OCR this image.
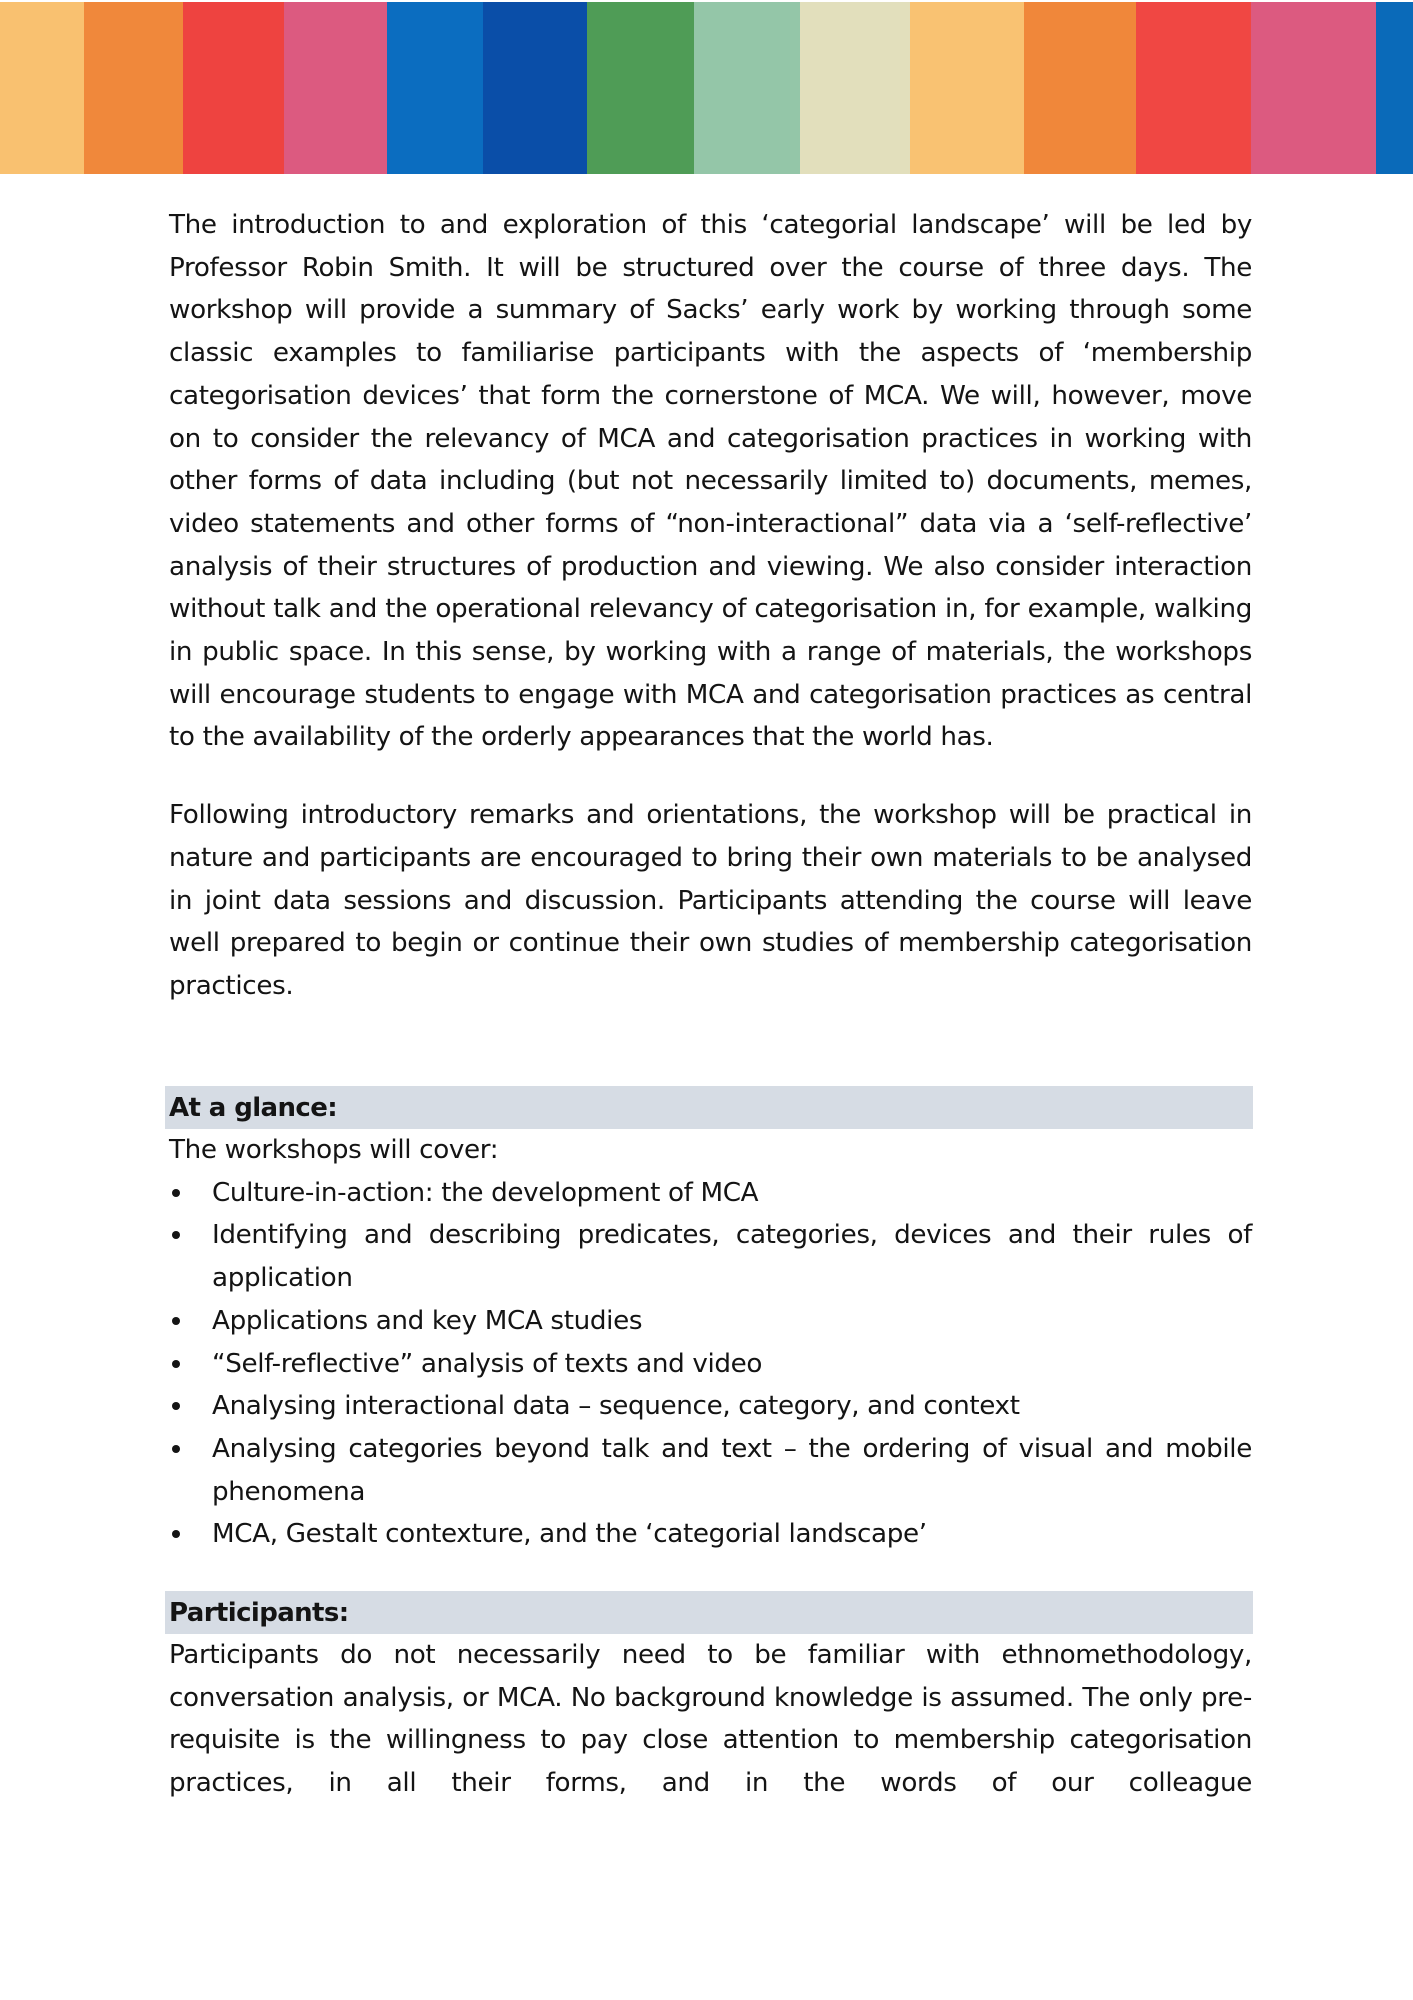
The introduction to and exploration of this ‘categorial landscape’ will be led by Professor Robin Smith. It will be structured over the course of three days. The workshop will provide a summary of Sacks’ early work by working through some classic examples to familiarise participants with the aspects of ‘membership categorisation devices’ that form the cornerstone of MCA. We will, however, move on to consider the relevancy of MCA and categorisation practices in working with other forms of data including (but not necessarily limited to) documents, memes, video statements and other forms of “non-interactional” data via a ‘self-reflective’ analysis of their structures of production and viewing. We also consider interaction without talk and the operational relevancy of categorisation in, for example, walking in public space. In this sense, by working with a range of materials, the workshops will encourage students to engage with MCA and categorisation practices as central to the availability of the orderly appearances that the world has.

Following introductory remarks and orientations, the workshop will be practical in nature and participants are encouraged to bring their own materials to be analysed in joint data sessions and discussion. Participants attending the course will leave well prepared to begin or continue their own studies of membership categorisation practices.

At a glance:
The workshops will cover:
Culture-in-action: the development of MCA
Identifying and describing predicates, categories, devices and their rules of application
Applications and key MCA studies
“Self-reflective” analysis of texts and video
Analysing interactional data – sequence, category, and context
Analysing categories beyond talk and text – the ordering of visual and mobile phenomena
MCA, Gestalt contexture, and the ‘categorial landscape’
Participants:

Participants do not necessarily need to be familiar with ethnomethodology, conversation analysis, or MCA. No background knowledge is assumed. The only pre-requisite is the willingness to pay close attention to membership categorisation practices, in all their forms, and in the words of our colleague
